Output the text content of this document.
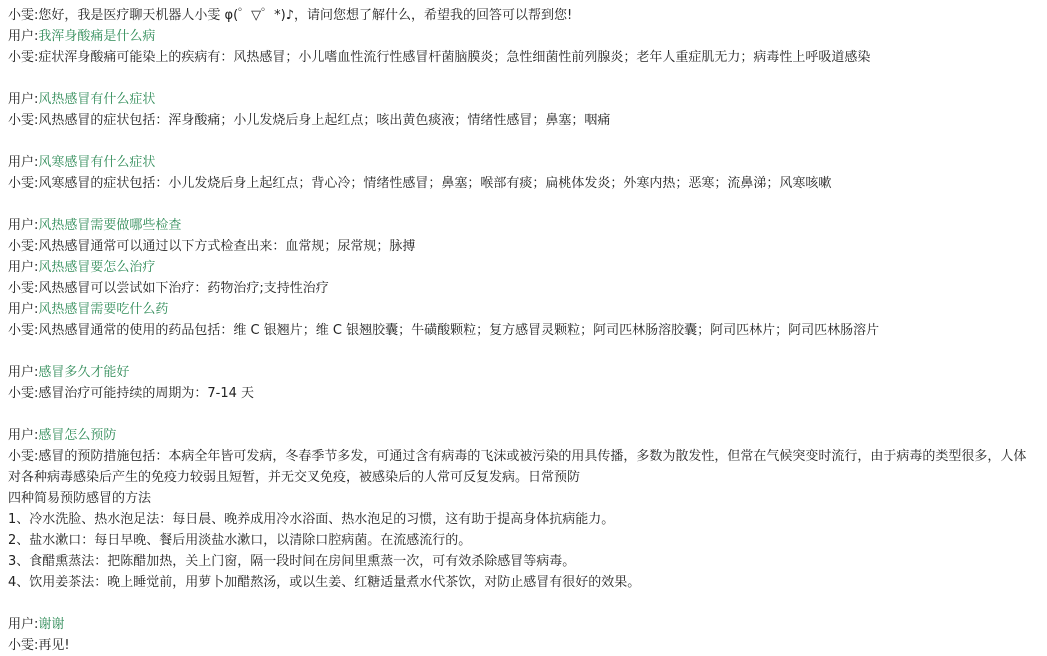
小雯:您好，我是医疗聊天机器人小雯 φ(゜▽゜*)♪，请问您想了解什么，希望我的回答可以帮到您!
用户:我浑身酸痛是什么病
小雯:症状浑身酸痛可能染上的疾病有：风热感冒；小儿嗜血性流行性感冒杆菌脑膜炎；急性细菌性前列腺炎；老年人重症肌无力；病毒性上呼吸道感染
用户:风热感冒有什么症状
小雯:风热感冒的症状包括：浑身酸痛；小儿发烧后身上起红点；咳出黄色痰液；情绪性感冒；鼻塞；咽痛
用户:风寒感冒有什么症状
小雯:风寒感冒的症状包括：小儿发烧后身上起红点；背心冷；情绪性感冒；鼻塞；喉部有痰；扁桃体发炎；外寒内热；恶寒；流鼻涕；风寒咳嗽
用户:风热感冒需要做哪些检查
小雯:风热感冒通常可以通过以下方式检查出来：血常规；尿常规；脉搏
用户:风热感冒要怎么治疗
小雯:风热感冒可以尝试如下治疗：药物治疗;支持性治疗
用户:风热感冒需要吃什么药
小雯:风热感冒通常的使用的药品包括：维 C 银翘片；维 C 银翘胶囊；牛磺酸颗粒；复方感冒灵颗粒；阿司匹林肠溶胶囊；阿司匹林片；阿司匹林肠溶片
用户:感冒多久才能好
小雯:感冒治疗可能持续的周期为：7-14 天
用户:感冒怎么预防
小雯:感冒的预防措施包括：本病全年皆可发病，冬春季节多发，可通过含有病毒的飞沫或被污染的用具传播，多数为散发性，但常在气候突变时流行，由于病毒的类型很多，人体对各种病毒感染后产生的免疫力较弱且短暂，并无交叉免疫，被感染后的人常可反复发病。日常预防
四种简易预防感冒的方法
1、冷水洗脸、热水泡足法：每日晨、晚养成用冷水浴面、热水泡足的习惯，这有助于提高身体抗病能力。
2、盐水漱口：每日早晚、餐后用淡盐水漱口，以清除口腔病菌。在流感流行的。
3、食醋熏蒸法：把陈醋加热，关上门窗，隔一段时间在房间里熏蒸一次，可有效杀除感冒等病毒。
4、饮用姜茶法：晚上睡觉前，用萝卜加醋熬汤，或以生姜、红糖适量煮水代茶饮，对防止感冒有很好的效果。
用户:谢谢
小雯:再见!
